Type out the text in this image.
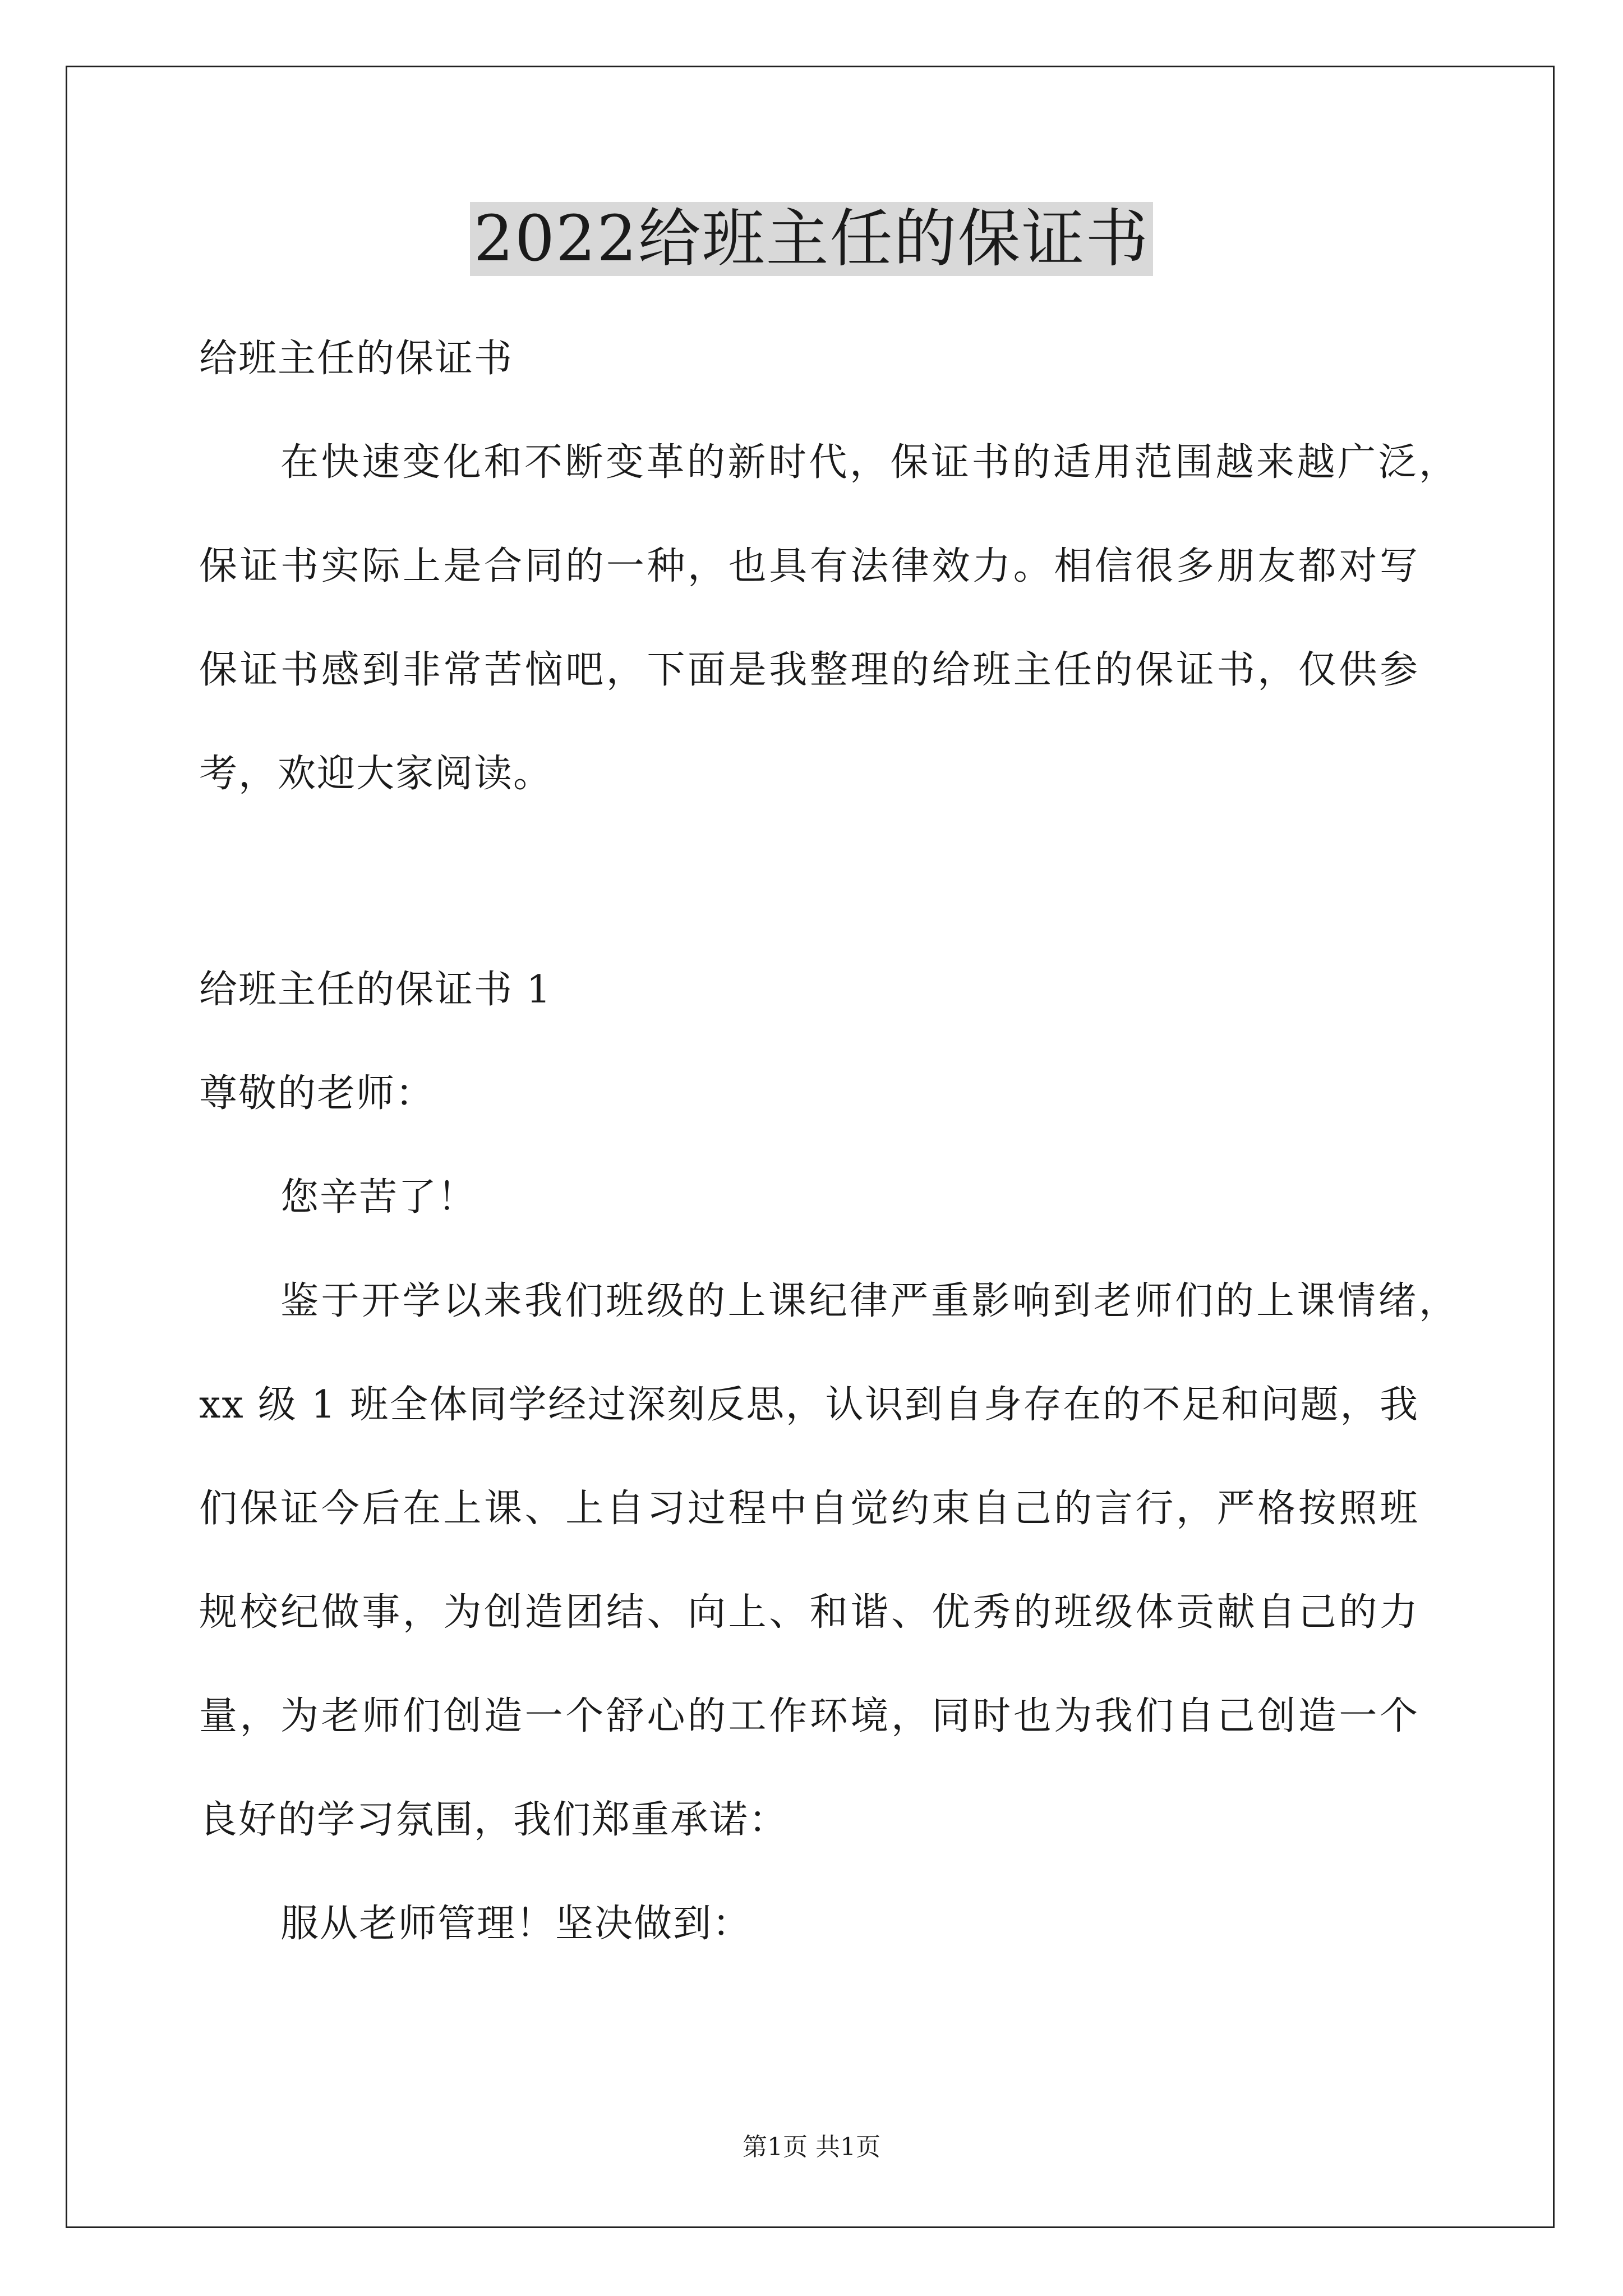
2022给班主任的保证书
给班主任的保证书
在快速变化和不断变革的新时代，保证书的适用范围越来越广泛，
保证书实际上是合同的一种，也具有法律效力。相信很多朋友都对写
保证书感到非常苦恼吧，下面是我整理的给班主任的保证书，仅供参
考，欢迎大家阅读。
给班主任的保证书 1
尊敬的老师：
您辛苦了！
鉴于开学以来我们班级的上课纪律严重影响到老师们的上课情绪，
xx 级 1 班全体同学经过深刻反思，认识到自身存在的不足和问题，我
们保证今后在上课、上自习过程中自觉约束自己的言行，严格按照班
规校纪做事，为创造团结、向上、和谐、优秀的班级体贡献自己的力
量，为老师们创造一个舒心的工作环境，同时也为我们自己创造一个
良好的学习氛围，我们郑重承诺：
服从老师管理！坚决做到：
第1页 共1页
